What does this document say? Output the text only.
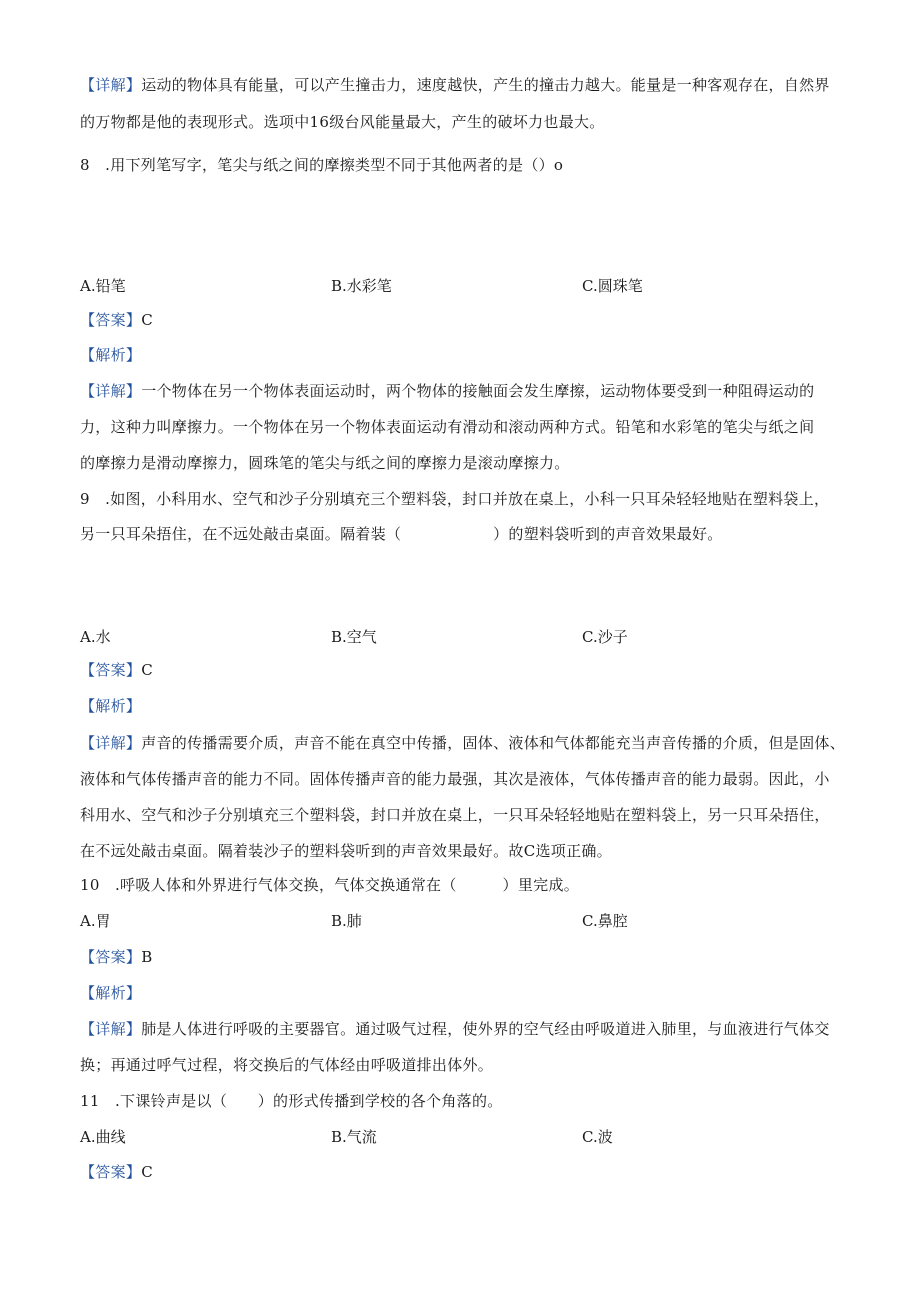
【详解】运动的物体具有能量，可以产生撞击力，速度越快，产生的撞击力越大。能量是一种客观存在，自然界
的万物都是他的表现形式。选项中16级台风能量最大，产生的破坏力也最大。
8　.用下列笔写字，笔尖与纸之间的摩擦类型不同于其他两者的是（）o
A.铅笔	B.水彩笔	C.圆珠笔
【答案】C
【解析】
【详解】一个物体在另一个物体表面运动时，两个物体的接触面会发生摩擦，运动物体要受到一种阻碍运动的
力，这种力叫摩擦力。一个物体在另一个物体表面运动有滑动和滚动两种方式。铅笔和水彩笔的笔尖与纸之间
的摩擦力是滑动摩擦力，圆珠笔的笔尖与纸之间的摩擦力是滚动摩擦力。
9　.如图，小科用水、空气和沙子分别填充三个塑料袋，封口并放在桌上，小科一只耳朵轻轻地贴在塑料袋上，
另一只耳朵捂住，在不远处敲击桌面。隔着装（　　　　　　）的塑料袋听到的声音效果最好。
A.水	B.空气	C.沙子
【答案】C
【解析】
【详解】声音的传播需要介质，声音不能在真空中传播，固体、液体和气体都能充当声音传播的介质，但是固体、
液体和气体传播声音的能力不同。固体传播声音的能力最强，其次是液体，气体传播声音的能力最弱。因此，小
科用水、空气和沙子分别填充三个塑料袋，封口并放在桌上，一只耳朵轻轻地贴在塑料袋上，另一只耳朵捂住，
在不远处敲击桌面。隔着装沙子的塑料袋听到的声音效果最好。故C选项正确。
10　.呼吸人体和外界进行气体交换，气体交换通常在（　　　）里完成。
A.胃	B.肺	C.鼻腔
【答案】B
【解析】
【详解】肺是人体进行呼吸的主要器官。通过吸气过程，使外界的空气经由呼吸道进入肺里，与血液进行气体交
换；再通过呼气过程，将交换后的气体经由呼吸道排出体外。
11　.下课铃声是以（　　）的形式传播到学校的各个角落的。
A.曲线	B.气流	C.波
【答案】C
